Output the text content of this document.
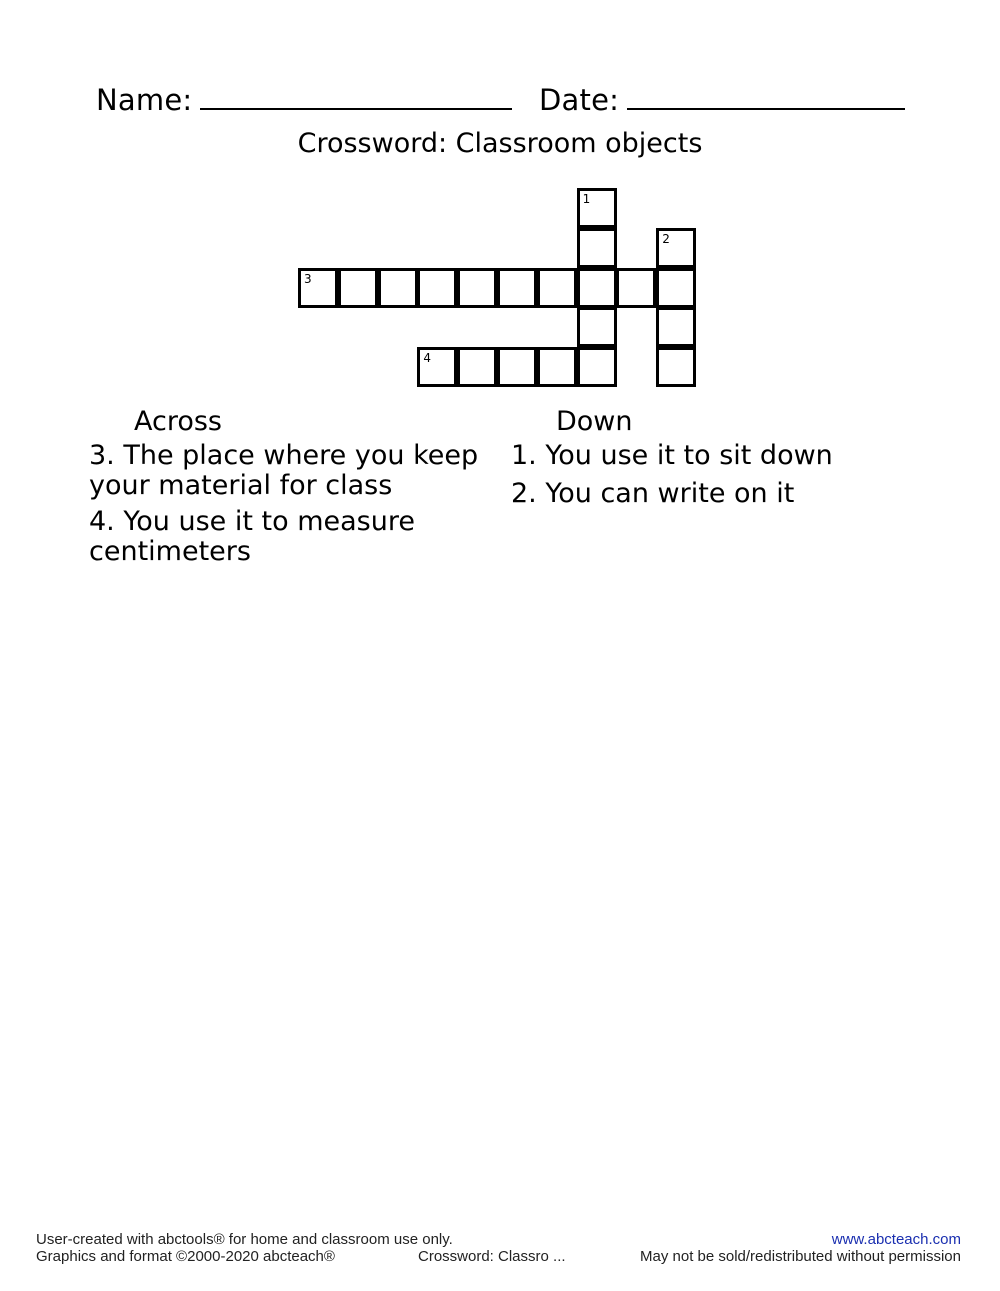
Name:	Date:
Crossword: Classroom objects
1
2
3
4
Across	Down
3. The place where you keep your material for class
4. You use it to measure centimeters
1. You use it to sit down
2. You can write on it
User-created with abctools® for home and classroom use only.
Graphics and format ©2000-2020 abcteach®	Crossword: Classro ...
www.abcteach.com
May not be sold/redistributed without permission
